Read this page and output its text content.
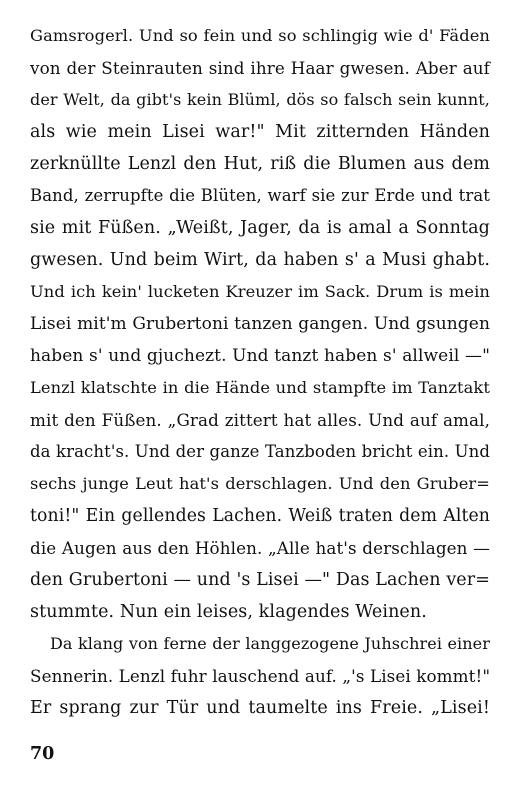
Gamsrogerl. Und so fein und so schlingig wie d' Fäden
von der Steinrauten sind ihre Haar gwesen. Aber auf
der Welt, da gibt's kein Blüml, dös so falsch sein kunnt,
als wie mein Lisei war!" Mit zitternden Händen
zerknüllte Lenzl den Hut, riß die Blumen aus dem
Band, zerrupfte die Blüten, warf sie zur Erde und trat
sie mit Füßen. „Weißt, Jager, da is amal a Sonntag
gwesen. Und beim Wirt, da haben s' a Musi ghabt.
Und ich kein' lucketen Kreuzer im Sack. Drum is mein
Lisei mit'm Grubertoni tanzen gangen. Und gsungen
haben s' und gjuchezt. Und tanzt haben s' allweil —"
Lenzl klatschte in die Hände und stampfte im Tanztakt
mit den Füßen. „Grad zittert hat alles. Und auf amal,
da kracht's. Und der ganze Tanzboden bricht ein. Und
sechs junge Leut hat's derschlagen. Und den Gruber=
toni!" Ein gellendes Lachen. Weiß traten dem Alten
die Augen aus den Höhlen. „Alle hat's derschlagen —
den Grubertoni — und 's Lisei —" Das Lachen ver=
stummte. Nun ein leises, klagendes Weinen.
Da klang von ferne der langgezogene Juhschrei einer
Sennerin. Lenzl fuhr lauschend auf. „'s Lisei kommt!"
Er sprang zur Tür und taumelte ins Freie. „Lisei!
70
